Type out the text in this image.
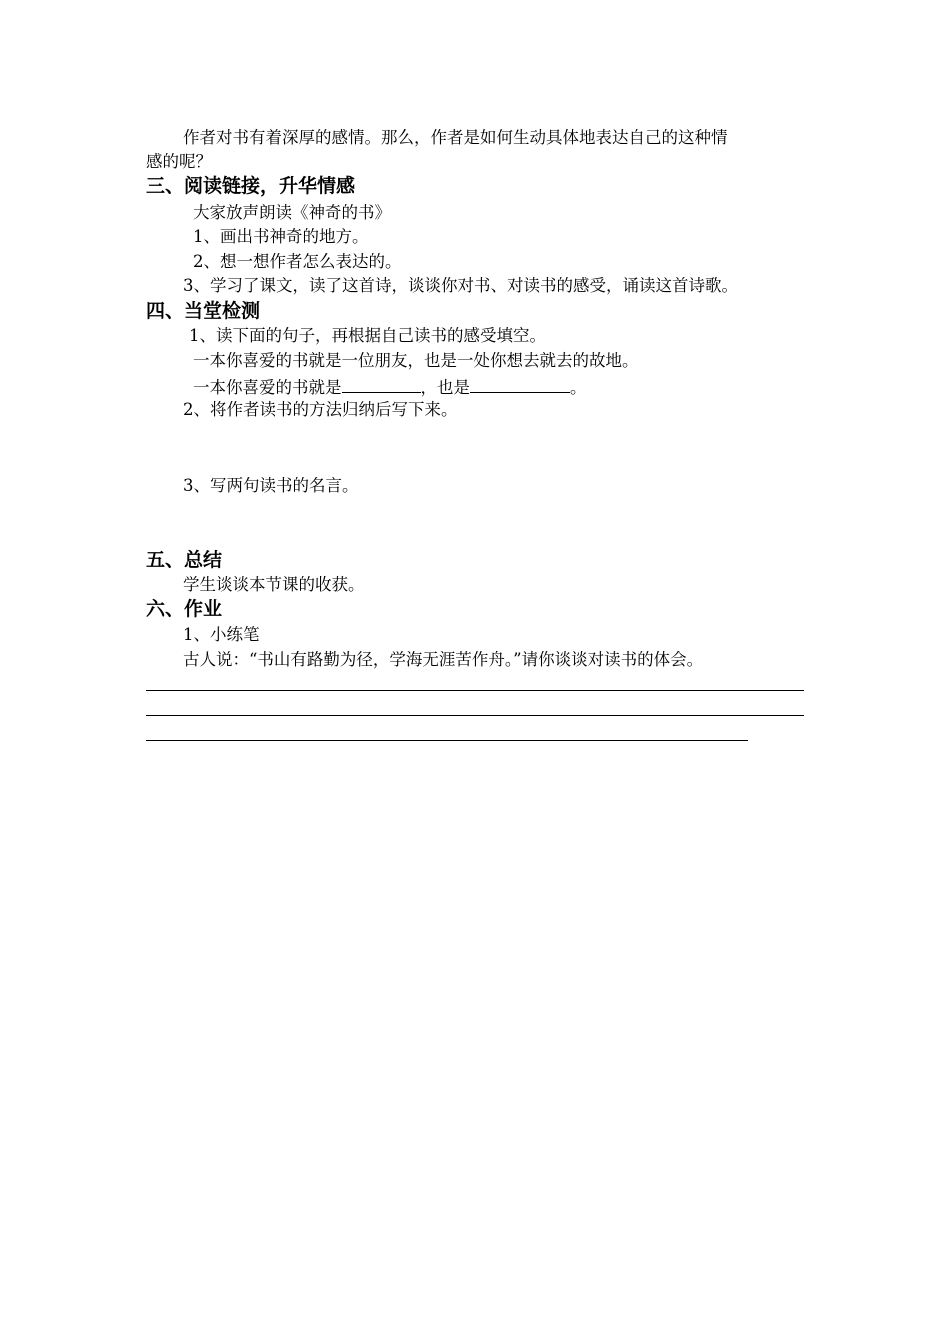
作者对书有着深厚的感情。那么，作者是如何生动具体地表达自己的这种情
感的呢？
三、阅读链接，升华情感
大家放声朗读《神奇的书》
1、画出书神奇的地方。
2、想一想作者怎么表达的。
3、学习了课文，读了这首诗，谈谈你对书、对读书的感受，诵读这首诗歌。
四、当堂检测
1、读下面的句子，再根据自己读书的感受填空。
一本你喜爱的书就是一位朋友，也是一处你想去就去的故地。
一本你喜爱的书就是	，也是	。
2、将作者读书的方法归纳后写下来。
3、写两句读书的名言。
五、总结
学生谈谈本节课的收获。
六、作业
1、小练笔
古人说：“书山有路勤为径，学海无涯苦作舟。”请你谈谈对读书的体会。
